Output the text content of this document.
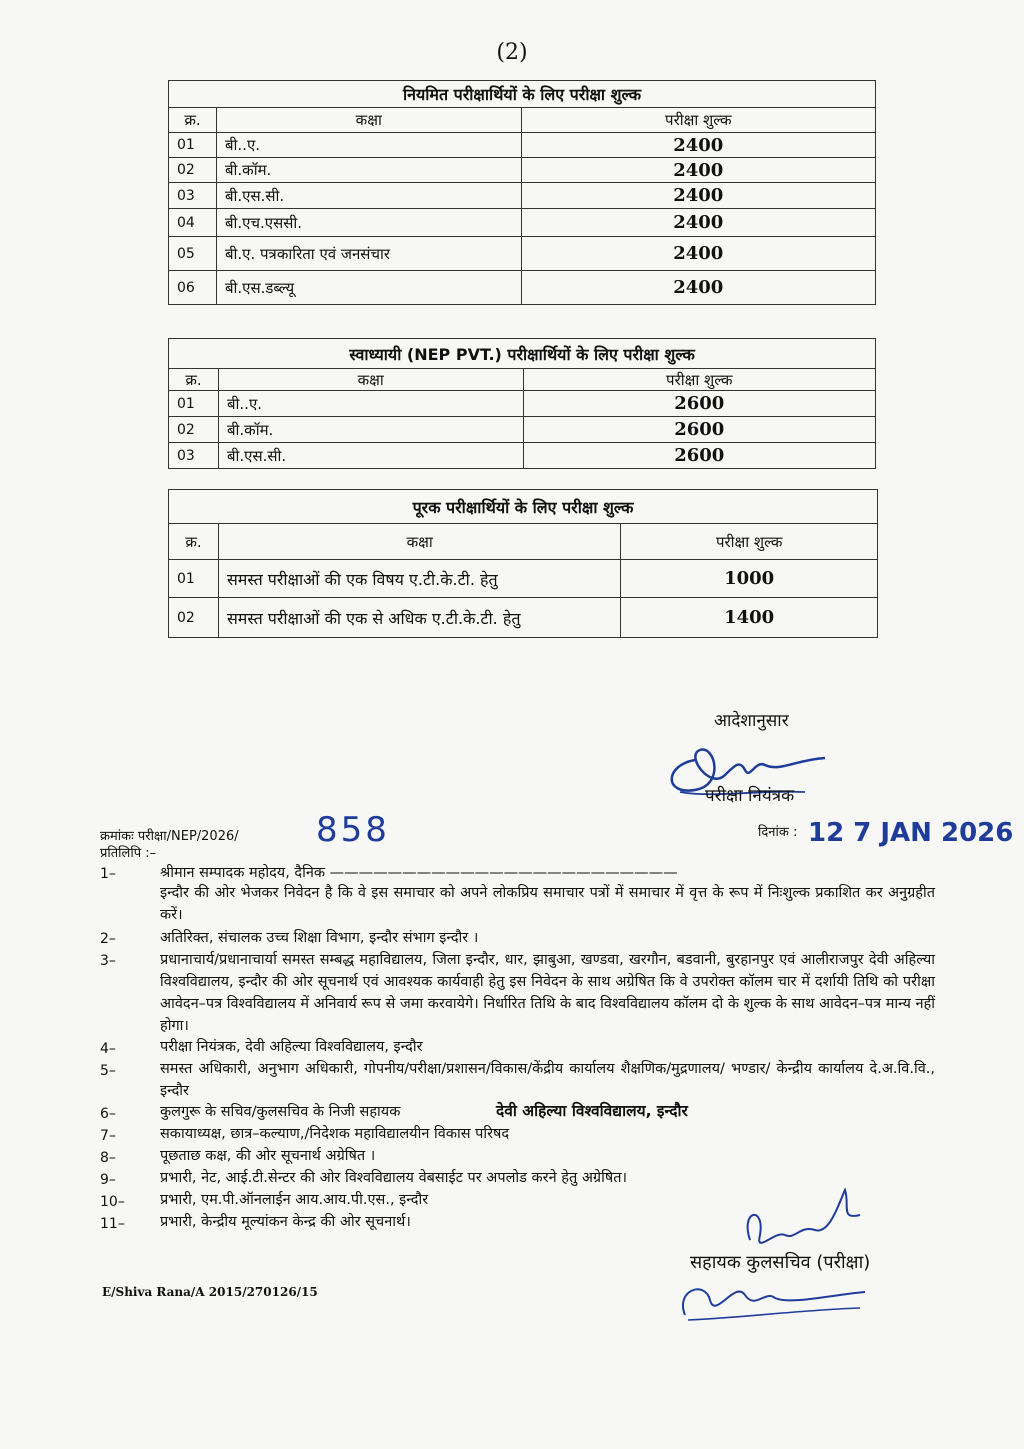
(2)
नियमित परीक्षार्थियों के लिए परीक्षा शुल्क		
क्र.	कक्षा	परीक्षा शुल्क
01	बी..ए.	2400
02	बी.कॉम.	2400
03	बी.एस.सी.	2400
04	बी.एच.एससी.	2400
05	बी.ए. पत्रकारिता एवं जनसंचार	2400
06	बी.एस.डब्ल्यू	2400
स्वाध्यायी (NEP PVT.) परीक्षार्थियों के लिए परीक्षा शुल्क		
क्र.	कक्षा	परीक्षा शुल्क
01	बी..ए.	2600
02	बी.कॉम.	2600
03	बी.एस.सी.	2600
पूरक परीक्षार्थियों के लिए परीक्षा शुल्क		
क्र.	कक्षा	परीक्षा शुल्क
01	समस्त परीक्षाओं की एक विषय ए.टी.के.टी. हेतु	1000
02	समस्त परीक्षाओं की एक से अधिक ए.टी.के.टी. हेतु	1400
आदेशानुसार
परीक्षा नियंत्रक
क्रमांकः परीक्षा/NEP/2026/ 858	दिनांक : 12 7 JAN 2026
प्रतिलिपि :–
1–	श्रीमान सम्पादक महोदय, दैनिक ————————————————————————
इन्दौर की ओर भेजकर निवेदन है कि वे इस समाचार को अपने लोकप्रिय समाचार पत्रों में समाचार में वृत्त के रूप में निःशुल्क प्रकाशित कर अनुग्रहीत करें।
2–	अतिरिक्त, संचालक उच्च शिक्षा विभाग, इन्दौर संभाग इन्दौर ।
3–	प्रधानाचार्य/प्रधानाचार्या समस्त सम्बद्ध महाविद्यालय, जिला इन्दौर, धार, झाबुआ, खण्डवा, खरगौन, बडवानी, बुरहानपुर एवं आलीराजपुर देवी अहिल्या विश्वविद्यालय, इन्दौर की ओर सूचनार्थ एवं आवश्यक कार्यवाही हेतु इस निवेदन के साथ अग्रेषित कि वे उपरोक्त कॉलम चार में दर्शायी तिथि को परीक्षा आवेदन–पत्र विश्वविद्यालय में अनिवार्य रूप से जमा करवायेगे। निर्धारित तिथि के बाद विश्वविद्यालय कॉलम दो के शुल्क के साथ आवेदन–पत्र मान्य नहीं होगा।
4–	परीक्षा नियंत्रक, देवी अहिल्या विश्वविद्यालय, इन्दौर
5–	समस्त अधिकारी, अनुभाग अधिकारी, गोपनीय/परीक्षा/प्रशासन/विकास/केंद्रीय कार्यालय शैक्षणिक/मुद्रणालय/ भण्डार/ केन्द्रीय कार्यालय दे.अ.वि.वि., इन्दौर
6–	कुलगुरू के सचिव/कुलसचिव के निजी सहायक	देवी अहिल्या विश्वविद्यालय, इन्दौर
7–	सकायाध्यक्ष, छात्र–कल्याण,/निदेशक महाविद्यालयीन विकास परिषद
8–	पूछताछ कक्ष, की ओर सूचनार्थ अग्रेषित ।
9–	प्रभारी, नेट, आई.टी.सेन्टर की ओर विश्वविद्यालय वेबसाईट पर अपलोड करने हेतु अग्रेषित।
10– प्रभारी, एम.पी.ऑनलाईन आय.आय.पी.एस., इन्दौर
11– प्रभारी, केन्द्रीय मूल्यांकन केन्द्र की ओर सूचनार्थ।
सहायक कुलसचिव (परीक्षा)
E/Shiva Rana/A 2015/270126/15
